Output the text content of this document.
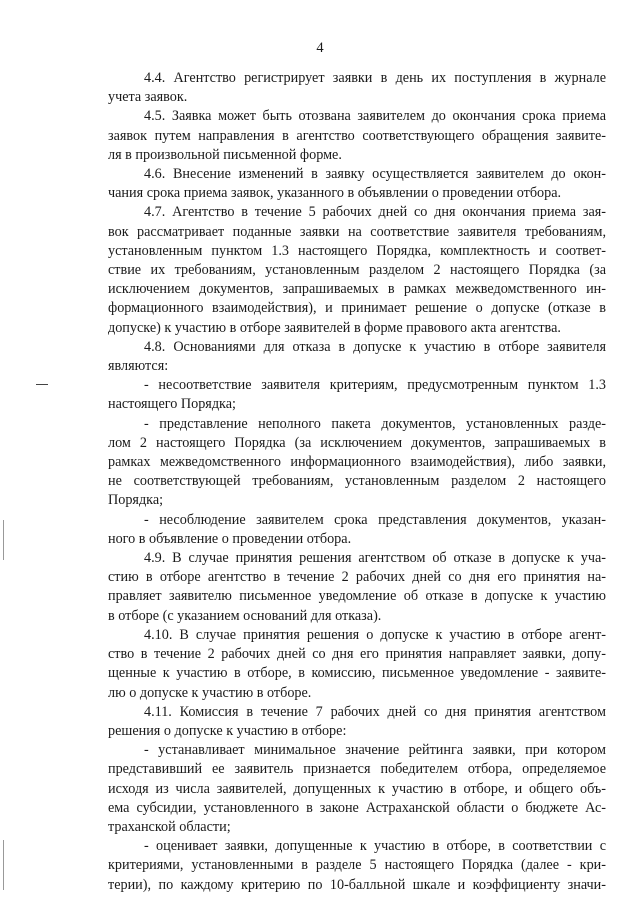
4
4.4. Агентство регистрирует заявки в день их поступления в журнале
учета заявок.
4.5. Заявка может быть отозвана заявителем до окончания срока приема
заявок путем направления в агентство соответствующего обращения заявите-
ля в произвольной письменной форме.
4.6. Внесение изменений в заявку осуществляется заявителем до окон-
чания срока приема заявок, указанного в объявлении о проведении отбора.
4.7. Агентство в течение 5 рабочих дней со дня окончания приема зая-
вок рассматривает поданные заявки на соответствие заявителя требованиям,
установленным пунктом 1.3 настоящего Порядка, комплектность и соответ-
ствие их требованиям, установленным разделом 2 настоящего Порядка (за
исключением документов, запрашиваемых в рамках межведомственного ин-
формационного взаимодействия), и принимает решение о допуске (отказе в
допуске) к участию в отборе заявителей в форме правового акта агентства.
4.8. Основаниями для отказа в допуске к участию в отборе заявителя
являются:
- несоответствие заявителя критериям, предусмотренным пунктом 1.3
настоящего Порядка;
- представление неполного пакета документов, установленных разде-
лом 2 настоящего Порядка (за исключением документов, запрашиваемых в
рамках межведомственного информационного взаимодействия), либо заявки,
не соответствующей требованиям, установленным разделом 2 настоящего
Порядка;
- несоблюдение заявителем срока представления документов, указан-
ного в объявление о проведении отбора.
4.9. В случае принятия решения агентством об отказе в допуске к уча-
стию в отборе агентство в течение 2 рабочих дней со дня его принятия на-
правляет заявителю письменное уведомление об отказе в допуске к участию
в отборе (с указанием оснований для отказа).
4.10. В случае принятия решения о допуске к участию в отборе агент-
ство в течение 2 рабочих дней со дня его принятия направляет заявки, допу-
щенные к участию в отборе, в комиссию, письменное уведомление - заявите-
лю о допуске к участию в отборе.
4.11. Комиссия в течение 7 рабочих дней со дня принятия агентством
решения о допуске к участию в отборе:
- устанавливает минимальное значение рейтинга заявки, при котором
представивший ее заявитель признается победителем отбора, определяемое
исходя из числа заявителей, допущенных к участию в отборе, и общего объ-
ема субсидии, установленного в законе Астраханской области о бюджете Ас-
траханской области;
- оценивает заявки, допущенные к участию в отборе, в соответствии с
критериями, установленными в разделе 5 настоящего Порядка (далее - кри-
терии), по каждому критерию по 10-балльной шкале и коэффициенту значи-
